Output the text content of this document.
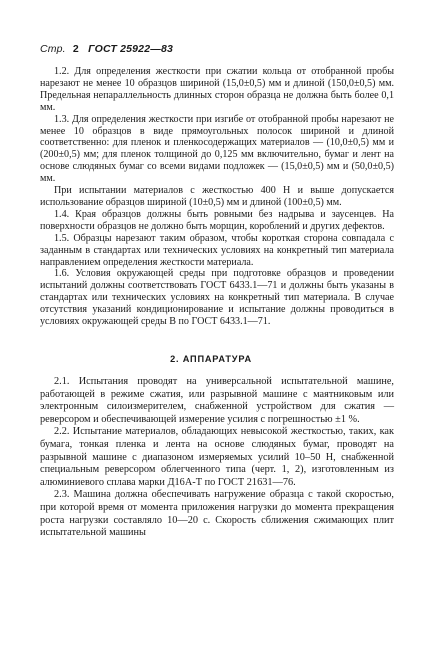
Стр. 2 ГОСТ 25922—83

1.2. Для определения жесткости при сжатии кольца от отобранной пробы нарезают не менее 10 образцов шириной (15,0±0,5) мм и длиной (150,0±0,5) мм. Предельная непараллельность длинных сторон образца не должна быть более 0,1 мм.

1.3. Для определения жесткости при изгибе от отобранной пробы нарезают не менее 10 образцов в виде прямоугольных полосок шириной и длиной соответственно: для пленок и пленкосодержащих материалов — (10,0±0,5) мм и (200±0,5) мм; для пленок толщиной до 0,125 мм включительно, бумаг и лент на основе слюдяных бумаг со всеми видами подложек — (15,0±0,5) мм и (50,0±0,5) мм.

При испытании материалов с жесткостью 400 Н и выше допускается использование образцов шириной (10±0,5) мм и длиной (100±0,5) мм.

1.4. Края образцов должны быть ровными без надрыва и заусенцев. На поверхности образцов не должно быть морщин, короблений и других дефектов.

1.5. Образцы нарезают таким образом, чтобы короткая сторона совпадала с заданным в стандартах или технических условиях на конкретный тип материала направлением определения жесткости материала.

1.6. Условия окружающей среды при подготовке образцов и проведении испытаний должны соответствовать ГОСТ 6433.1—71 и должны быть указаны в стандартах или технических условиях на конкретный тип материала. В случае отсутствия указаний кондиционирование и испытание должны проводиться в условиях окружающей среды В по ГОСТ 6433.1—71.

2. АППАРАТУРА

2.1. Испытания проводят на универсальной испытательной машине, работающей в режиме сжатия, или разрывной машине с маятниковым или электронным силоизмерителем, снабженной устройством для сжатия — реверсором и обеспечивающей измерение усилия с погрешностью ±1 %.

2.2. Испытание материалов, обладающих невысокой жесткостью, таких, как бумага, тонкая пленка и лента на основе слюдяных бумаг, проводят на разрывной машине с диапазоном измеряемых усилий 10–50 Н, снабженной специальным реверсором облегченного типа (черт. 1, 2), изготовленным из алюминиевого сплава марки Д16А-Т по ГОСТ 21631—76.

2.3. Машина должна обеспечивать нагружение образца с такой скоростью, при которой время от момента приложения нагрузки до момента прекращения роста нагрузки составляло 10—20 с. Скорость сближения сжимающих плит испытательной машины
